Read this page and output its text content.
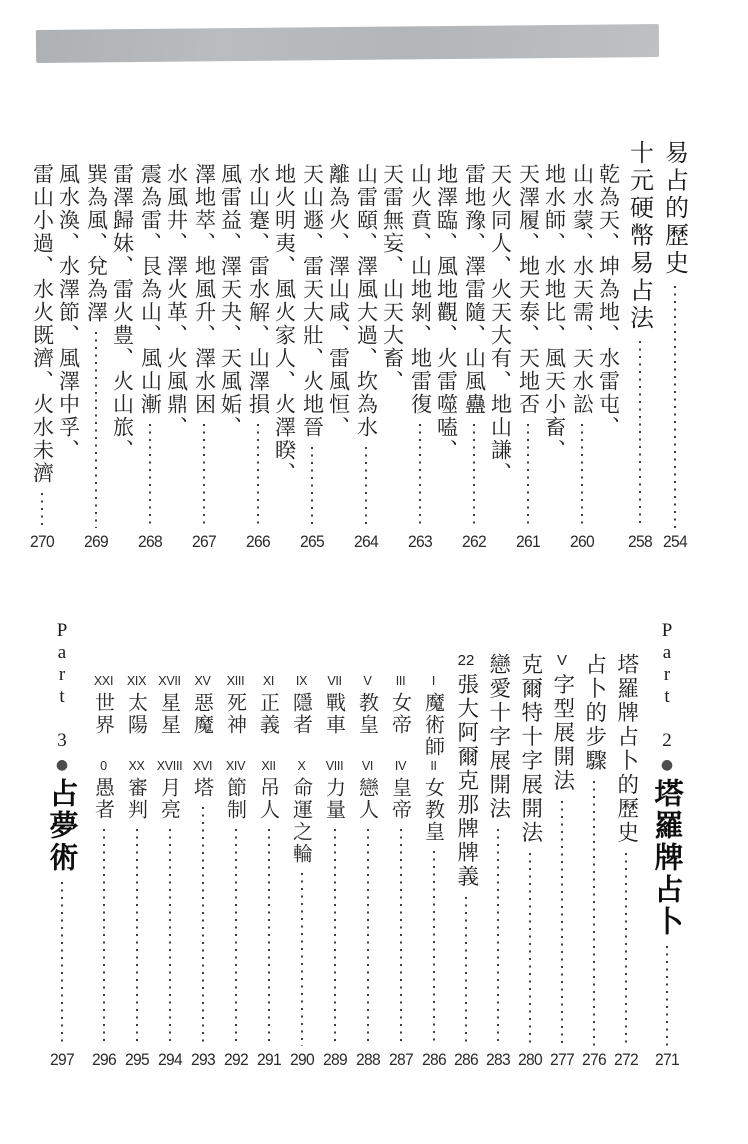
易占的歷史
254
十元硬幣易占法
258
乾為天、坤為地、水雷屯、
山水蒙、水天需、天水訟
260
地水師、水地比、風天小畜、
天澤履、地天泰、天地否
261
天火同人、火天大有、地山謙、
雷地豫、澤雷隨、山風蠱
262
地澤臨、風地觀、火雷噬嗑、
山火賁、山地剝、地雷復
263
天雷無妄、山天大畜、
山雷頤、澤風大過、坎為水
264
離為火、澤山咸、雷風恒、
天山遯、雷天大壯、火地晉
265
地火明夷、風火家人、火澤睽、
水山蹇、雷水解、山澤損
266
風雷益、澤天夬、天風姤、
澤地萃、地風升、澤水困
267
水風井、澤火革、火風鼎、
震為雷、艮為山、風山漸
268
雷澤歸妹、雷火豊、火山旅、
巽為風、兌為澤
269
風水渙、水澤節、風澤中孚、
雷山小過、水火既濟、火水未濟
270
Part 2
●
塔羅牌占卜
271
塔羅牌占卜的歷史
272
占卜的步驟
276
V
字型展開法
277
克爾特十字展開法
280
戀愛十字展開法
283
22
張大阿爾克那牌牌義
286
I
魔術師
II
女教皇
286
III
女帝
IV
皇帝
287
V
教皇
VI
戀人
288
VII
戰車
VIII
力量
289
IX
隱者
X
命運之輪
290
XI
正義
XII
吊人
291
XIII
死神
XIV
節制
292
XV
惡魔
XVI
塔
293
XVII
星星
XVIII
月亮
294
XIX
太陽
XX
審判
295
XXI
世界
0
愚者
296
Part 3
●
占夢術
297
